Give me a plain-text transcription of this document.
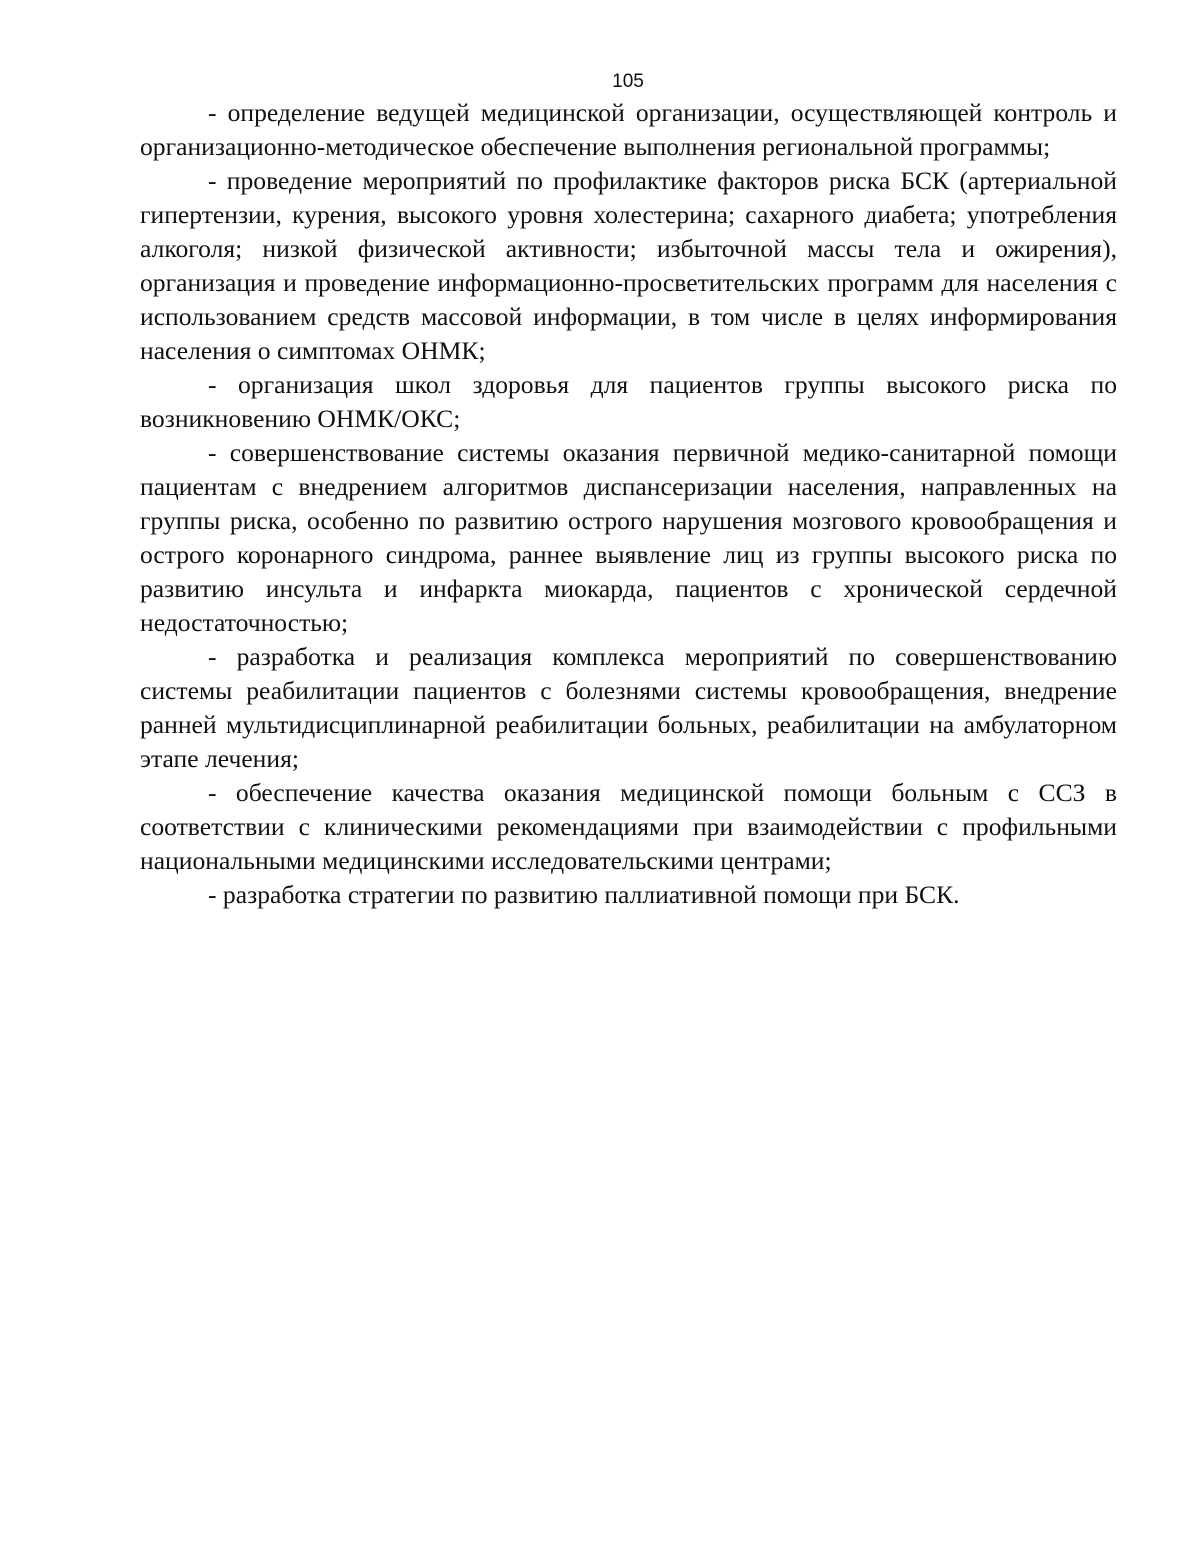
105

- определение ведущей медицинской организации, осуществляющей контроль и организационно-методическое обеспечение выполнения региональной программы;

- проведение мероприятий по профилактике факторов риска БСК (артериальной гипертензии, курения, высокого уровня холестерина; сахарного диабета; употребления алкоголя; низкой физической активности; избыточной массы тела и ожирения), организация и проведение информационно-просветительских программ для населения с использованием средств массовой информации, в том числе в целях информирования населения о симптомах ОНМК;

- организация школ здоровья для пациентов группы высокого риска по возникновению ОНМК/ОКС;

- совершенствование системы оказания первичной медико-санитарной помощи пациентам с внедрением алгоритмов диспансеризации населения, направленных на группы риска, особенно по развитию острого нарушения мозгового кровообращения и острого коронарного синдрома, раннее выявление лиц из группы высокого риска по развитию инсульта и инфаркта миокарда, пациентов с хронической сердечной недостаточностью;

- разработка и реализация комплекса мероприятий по совершенствованию системы реабилитации пациентов с болезнями системы кровообращения, внедрение ранней мультидисциплинарной реабилитации больных, реабилитации на амбулаторном этапе лечения;

- обеспечение качества оказания медицинской помощи больным с ССЗ в соответствии с клиническими рекомендациями при взаимодействии с профильными национальными медицинскими исследовательскими центрами;

- разработка стратегии по развитию паллиативной помощи при БСК.
